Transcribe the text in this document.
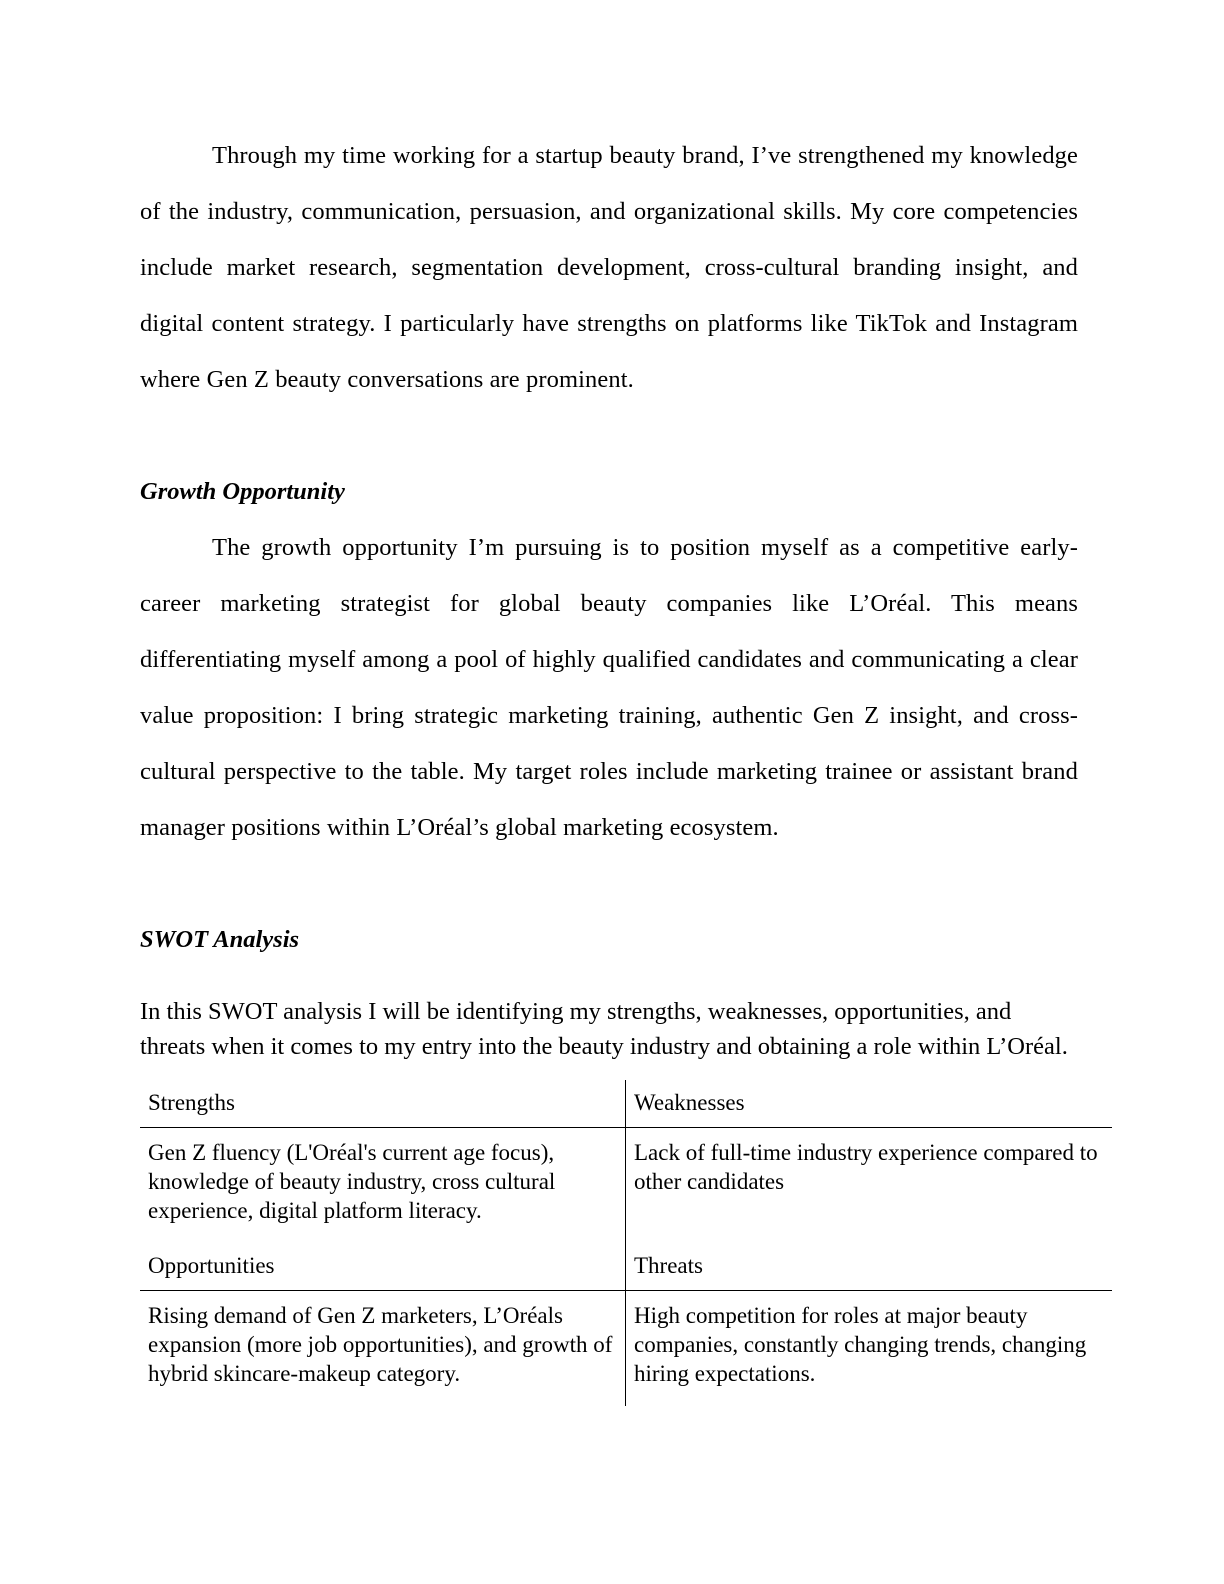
Through my time working for a startup beauty brand, I’ve strengthened my knowledge of the industry, communication, persuasion, and organizational skills. My core competencies include market research, segmentation development, cross-cultural branding insight, and digital content strategy. I particularly have strengths on platforms like TikTok and Instagram where Gen Z beauty conversations are prominent.

Growth Opportunity

The growth opportunity I’m pursuing is to position myself as a competitive early-career marketing strategist for global beauty companies like L’Oréal. This means differentiating myself among a pool of highly qualified candidates and communicating a clear value proposition: I bring strategic marketing training, authentic Gen Z insight, and cross-cultural perspective to the table. My target roles include marketing trainee or assistant brand manager positions within L’Oréal’s global marketing ecosystem.

SWOT Analysis

In this SWOT analysis I will be identifying my strengths, weaknesses, opportunities, and threats when it comes to my entry into the beauty industry and obtaining a role within L’Oréal.

Strengths	Weaknesses

Gen Z fluency (L'Oréal's current age focus), knowledge of beauty industry, cross cultural experience, digital platform literacy.	Lack of full-time industry experience compared to other candidates

Opportunities	Threats

Rising demand of Gen Z marketers, L’Oréals expansion (more job opportunities), and growth of hybrid skincare-makeup category.	High competition for roles at major beauty companies, constantly changing trends, changing hiring expectations.
